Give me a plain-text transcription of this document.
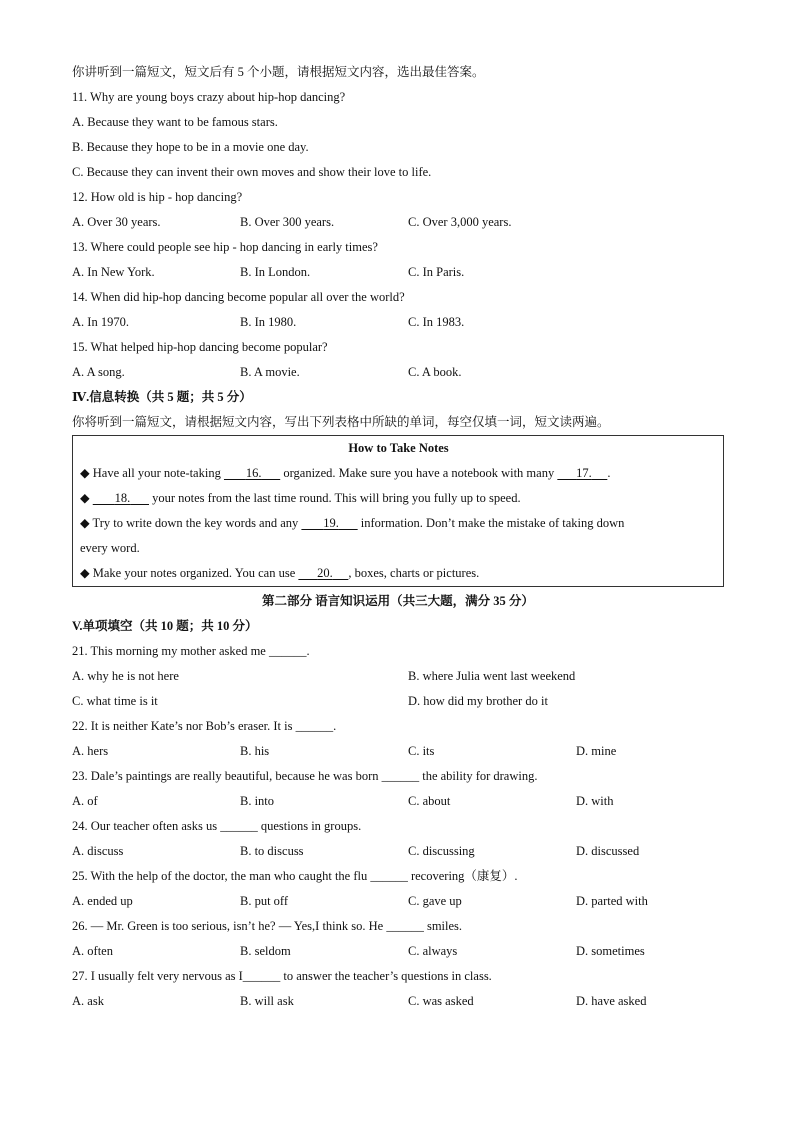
你讲听到一篇短文，短文后有 5 个小题，请根据短文内容，选出最佳答案。
11. Why are young boys crazy about hip-hop dancing?
A. Because they want to be famous stars.
B. Because they hope to be in a movie one day.
C. Because they can invent their own moves and show their love to life.
12. How old is hip - hop dancing?
A. Over 30 years.	B. Over 300 years.	C. Over 3,000 years.
13. Where could people see hip - hop dancing in early times?
A. In New York.	B. In London.	C. In Paris.
14. When did hip-hop dancing become popular all over the world?
A. In 1970.	B. In 1980.	C. In 1983.
15. What helped hip-hop dancing become popular?
A. A song.	B. A movie.	C. A book.
Ⅳ.信息转换（共 5 题；共 5 分）
你将听到一篇短文，请根据短文内容，写出下列表格中所缺的单词，每空仅填一词，短文读两遍。
How to Take Notes
◆ Have all your note-taking 16. organized. Make sure you have a notebook with many 17. .
◆ 18. your notes from the last time round. This will bring you fully up to speed.
◆ Try to write down the key words and any 19. information. Don’t make the mistake of taking down
every word.
◆ Make your notes organized. You can use 20. , boxes, charts or pictures.
第二部分 语言知识运用（共三大题，满分 35 分）
V.单项填空（共 10 题；共 10 分）
21. This morning my mother asked me ______.
A. why he is not here	B. where Julia went last weekend
C. what time is it	D. how did my brother do it
22. It is neither Kate’s nor Bob’s eraser. It is ______.
A. hers	B. his	C. its	D. mine
23. Dale’s paintings are really beautiful, because he was born ______ the ability for drawing.
A. of	B. into	C. about	D. with
24. Our teacher often asks us ______ questions in groups.
A. discuss	B. to discuss	C. discussing	D. discussed
25. With the help of the doctor, the man who caught the flu ______ recovering（康复）.
A. ended up	B. put off	C. gave up	D. parted with
26. — Mr. Green is too serious, isn’t he? — Yes,I think so. He ______ smiles.
A. often	B. seldom	C. always	D. sometimes
27. I usually felt very nervous as I______ to answer the teacher’s questions in class.
A. ask	B. will ask	C. was asked	D. have asked
